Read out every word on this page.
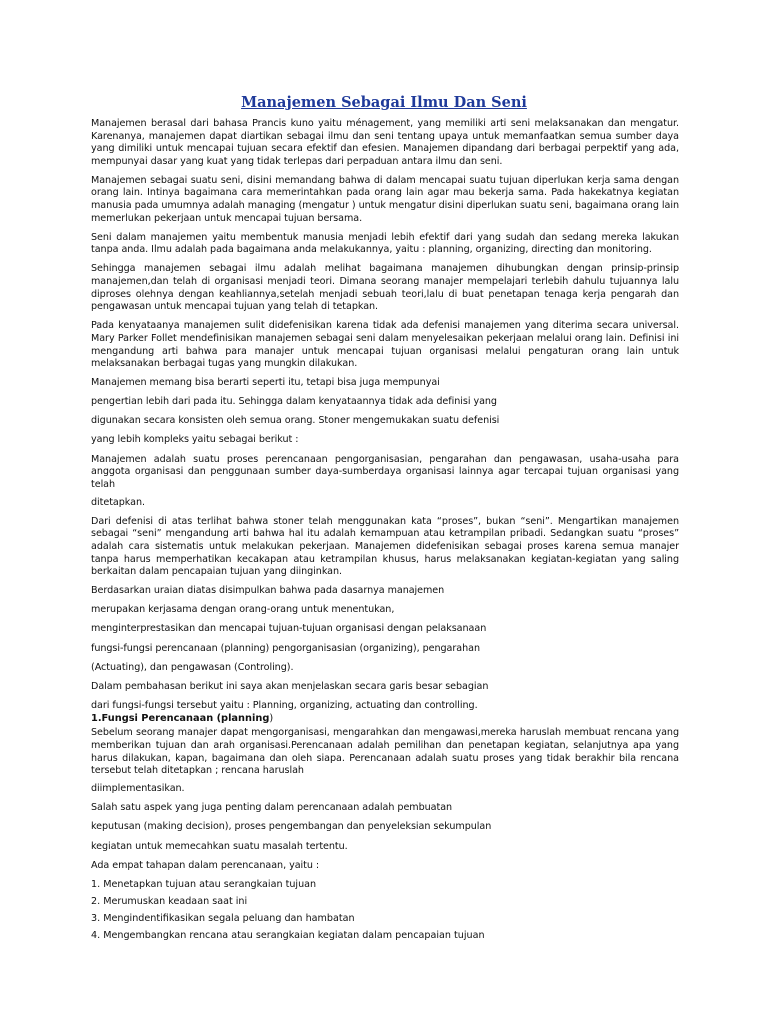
Manajemen Sebagai Ilmu Dan Seni

Manajemen berasal dari bahasa Prancis kuno yaitu ménagement, yang memiliki arti seni melaksanakan dan mengatur. Karenanya, manajemen dapat diartikan sebagai ilmu dan seni tentang upaya untuk memanfaatkan semua sumber daya yang dimiliki untuk mencapai tujuan secara efektif dan efesien. Manajemen dipandang dari berbagai perpektif yang ada, mempunyai dasar yang kuat yang tidak terlepas dari perpaduan antara ilmu dan seni.

Manajemen sebagai suatu seni, disini memandang bahwa di dalam mencapai suatu tujuan diperlukan kerja sama dengan orang lain. Intinya bagaimana cara memerintahkan pada orang lain agar mau bekerja sama. Pada hakekatnya kegiatan manusia pada umumnya adalah managing (mengatur ) untuk mengatur disini diperlukan suatu seni, bagaimana orang lain memerlukan pekerjaan untuk mencapai tujuan bersama.

Seni dalam manajemen yaitu membentuk manusia menjadi lebih efektif dari yang sudah dan sedang mereka lakukan tanpa anda. Ilmu adalah pada bagaimana anda melakukannya, yaitu : planning, organizing, directing dan monitoring.

Sehingga manajemen sebagai ilmu adalah melihat bagaimana manajemen dihubungkan dengan prinsip-prinsip manajemen,dan telah di organisasi menjadi teori. Dimana seorang manajer mempelajari terlebih dahulu tujuannya lalu diproses olehnya dengan keahliannya,setelah menjadi sebuah teori,lalu di buat penetapan tenaga kerja pengarah dan pengawasan untuk mencapai tujuan yang telah di tetapkan.

Pada kenyataanya manajemen sulit didefenisikan karena tidak ada defenisi manajemen yang diterima secara universal. Mary Parker Follet mendefinisikan manajemen sebagai seni dalam menyelesaikan pekerjaan melalui orang lain. Definisi ini mengandung arti bahwa para manajer untuk mencapai tujuan organisasi melalui pengaturan orang lain untuk melaksanakan berbagai tugas yang mungkin dilakukan.

Manajemen memang bisa berarti seperti itu, tetapi bisa juga mempunyai

pengertian lebih dari pada itu. Sehingga dalam kenyataannya tidak ada definisi yang

digunakan secara konsisten oleh semua orang. Stoner mengemukakan suatu defenisi

yang lebih kompleks yaitu sebagai berikut :

Manajemen adalah suatu proses perencanaan pengorganisasian, pengarahan dan pengawasan, usaha-usaha para anggota organisasi dan penggunaan sumber daya-sumberdaya organisasi lainnya agar tercapai tujuan organisasi yang telah

ditetapkan.

Dari defenisi di atas terlihat bahwa stoner telah menggunakan kata “proses”, bukan “seni”. Mengartikan manajemen sebagai “seni” mengandung arti bahwa hal itu adalah kemampuan atau ketrampilan pribadi. Sedangkan suatu “proses” adalah cara sistematis untuk melakukan pekerjaan. Manajemen didefenisikan sebagai proses karena semua manajer tanpa harus memperhatikan kecakapan atau ketrampilan khusus, harus melaksanakan kegiatan-kegiatan yang saling berkaitan dalam pencapaian tujuan yang diinginkan.

Berdasarkan uraian diatas disimpulkan bahwa pada dasarnya manajemen

merupakan kerjasama dengan orang-orang untuk menentukan,

menginterprestasikan dan mencapai tujuan-tujuan organisasi dengan pelaksanaan

fungsi-fungsi perencanaan (planning) pengorganisasian (organizing), pengarahan

(Actuating), dan pengawasan (Controling).

Dalam pembahasan berikut ini saya akan menjelaskan secara garis besar sebagian

dari fungsi-fungsi tersebut yaitu : Planning, organizing, actuating dan controlling.

1.Fungsi Perencanaan (planning)

Sebelum seorang manajer dapat mengorganisasi, mengarahkan dan mengawasi,mereka haruslah membuat rencana yang memberikan tujuan dan arah organisasi.Perencanaan adalah pemilihan dan penetapan kegiatan, selanjutnya apa yang harus dilakukan, kapan, bagaimana dan oleh siapa. Perencanaan adalah suatu proses yang tidak berakhir bila rencana tersebut telah ditetapkan ; rencana haruslah

diimplementasikan.

Salah satu aspek yang juga penting dalam perencanaan adalah pembuatan

keputusan (making decision), proses pengembangan dan penyeleksian sekumpulan

kegiatan untuk memecahkan suatu masalah tertentu.

Ada empat tahapan dalam perencanaan, yaitu :

1. Menetapkan tujuan atau serangkaian tujuan
2. Merumuskan keadaan saat ini
3. Mengindentifikasikan segala peluang dan hambatan
4. Mengembangkan rencana atau serangkaian kegiatan dalam pencapaian tujuan
